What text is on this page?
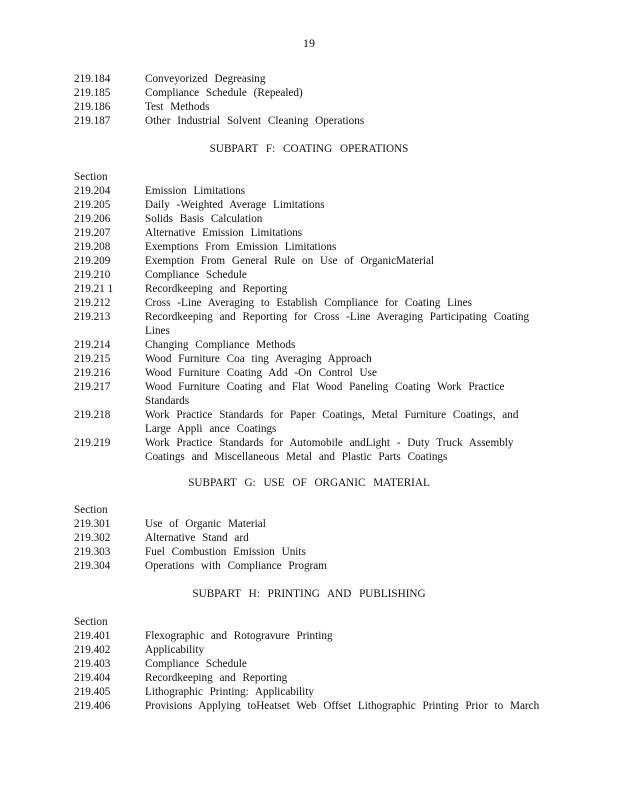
19
219.184	Conveyorized Degreasing
219.185	Compliance Schedule (Repealed)
219.186	Test Methods
219.187	Other Industrial Solvent Cleaning Operations
SUBPART F: COATING OPERATIONS
Section
219.204	Emission Limitations
219.205	Daily -Weighted Average Limitations
219.206	Solids Basis Calculation
219.207	Alternative Emission Limitations
219.208	Exemptions From Emission Limitations
219.209	Exemption From General Rule on Use of OrganicMaterial
219.210	Compliance Schedule
219.21 1	Recordkeeping and Reporting
219.212	Cross -Line Averaging to Establish Compliance for Coating Lines
219.213	Recordkeeping and Reporting for Cross -Line Averaging Participating Coating Lines
219.214	Changing Compliance Methods
219.215	Wood Furniture Coa ting Averaging Approach
219.216	Wood Furniture Coating Add -On Control Use
219.217	Wood Furniture Coating and Flat Wood Paneling Coating Work Practice Standards
219.218	Work Practice Standards for Paper Coatings, Metal Furniture Coatings, and Large Appli ance Coatings
219.219	Work Practice Standards for Automobile andLight - Duty Truck Assembly Coatings and Miscellaneous Metal and Plastic Parts Coatings
SUBPART G: USE OF ORGANIC MATERIAL
Section
219.301	Use of Organic Material
219.302	Alternative Stand ard
219.303	Fuel Combustion Emission Units
219.304	Operations with Compliance Program
SUBPART H: PRINTING AND PUBLISHING
Section
219.401	Flexographic and Rotogravure Printing
219.402	Applicability
219.403	Compliance Schedule
219.404	Recordkeeping and Reporting
219.405	Lithographic Printing: Applicability
219.406	Provisions Applying toHeatset Web Offset Lithographic Printing Prior to March
